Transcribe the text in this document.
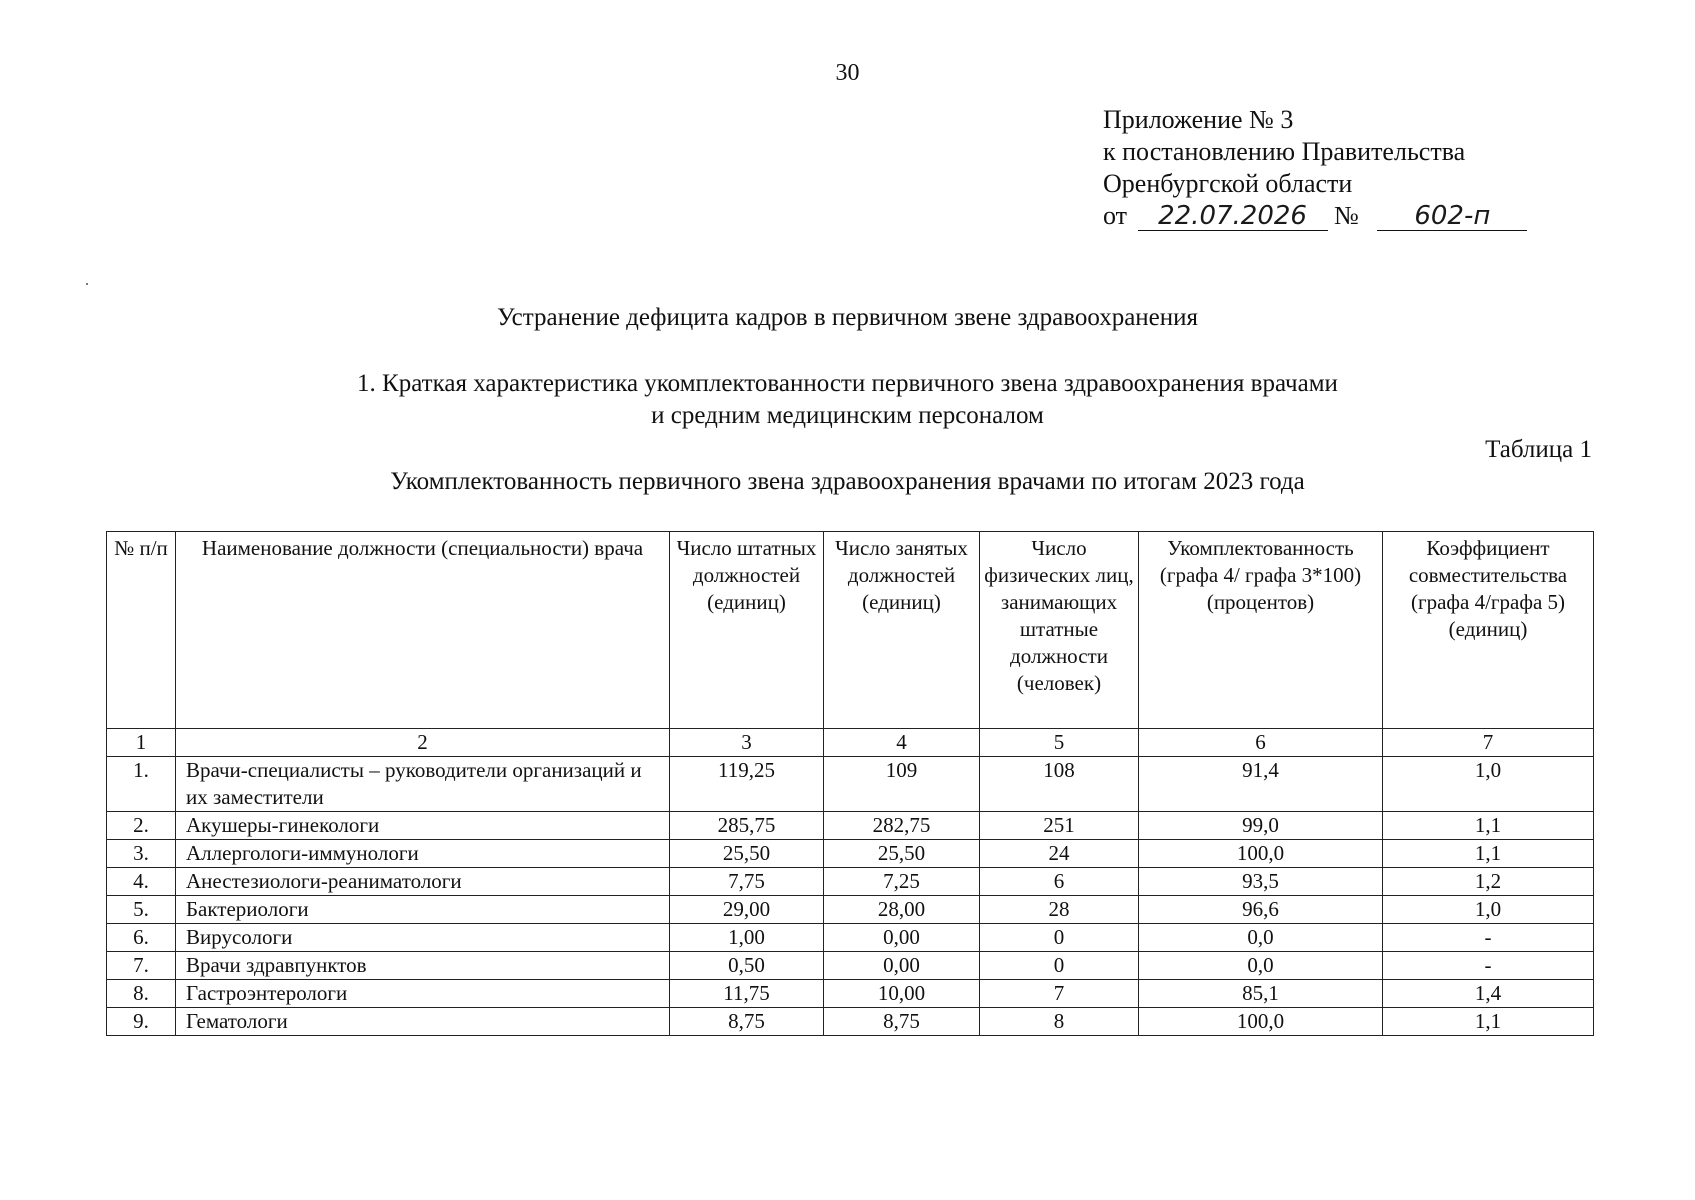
30
Приложение № 3
к постановлению Правительства
Оренбургской области
от 22.07.2026 № 602-п
Устранение дефицита кадров в первичном звене здравоохранения
1. Краткая характеристика укомплектованности первичного звена здравоохранения врачами
и средним медицинским персоналом
Таблица 1
Укомплектованность первичного звена здравоохранения врачами по итогам 2023 года
№ п/п	Наименование должности (специальности) врача	Число штатных должностей (единиц)	Число занятых должностей (единиц)	Число физических лиц, занимающих штатные должности (человек)	Укомплектованность (графа 4/ графа 3*100) (процентов)	Коэффициент совместительства (графа 4/графа 5) (единиц)
1	2	3	4	5	6	7
1.	Врачи-специалисты – руководители организаций и их заместители	119,25	109	108	91,4	1,0
2.	Акушеры-гинекологи	285,75	282,75	251	99,0	1,1
3.	Аллергологи-иммунологи	25,50	25,50	24	100,0	1,1
4.	Анестезиологи-реаниматологи	7,75	7,25	6	93,5	1,2
5.	Бактериологи	29,00	28,00	28	96,6	1,0
6.	Вирусологи	1,00	0,00	0	0,0	-
7.	Врачи здравпунктов	0,50	0,00	0	0,0	-
8.	Гастроэнтерологи	11,75	10,00	7	85,1	1,4
9.	Гематологи	8,75	8,75	8	100,0	1,1
